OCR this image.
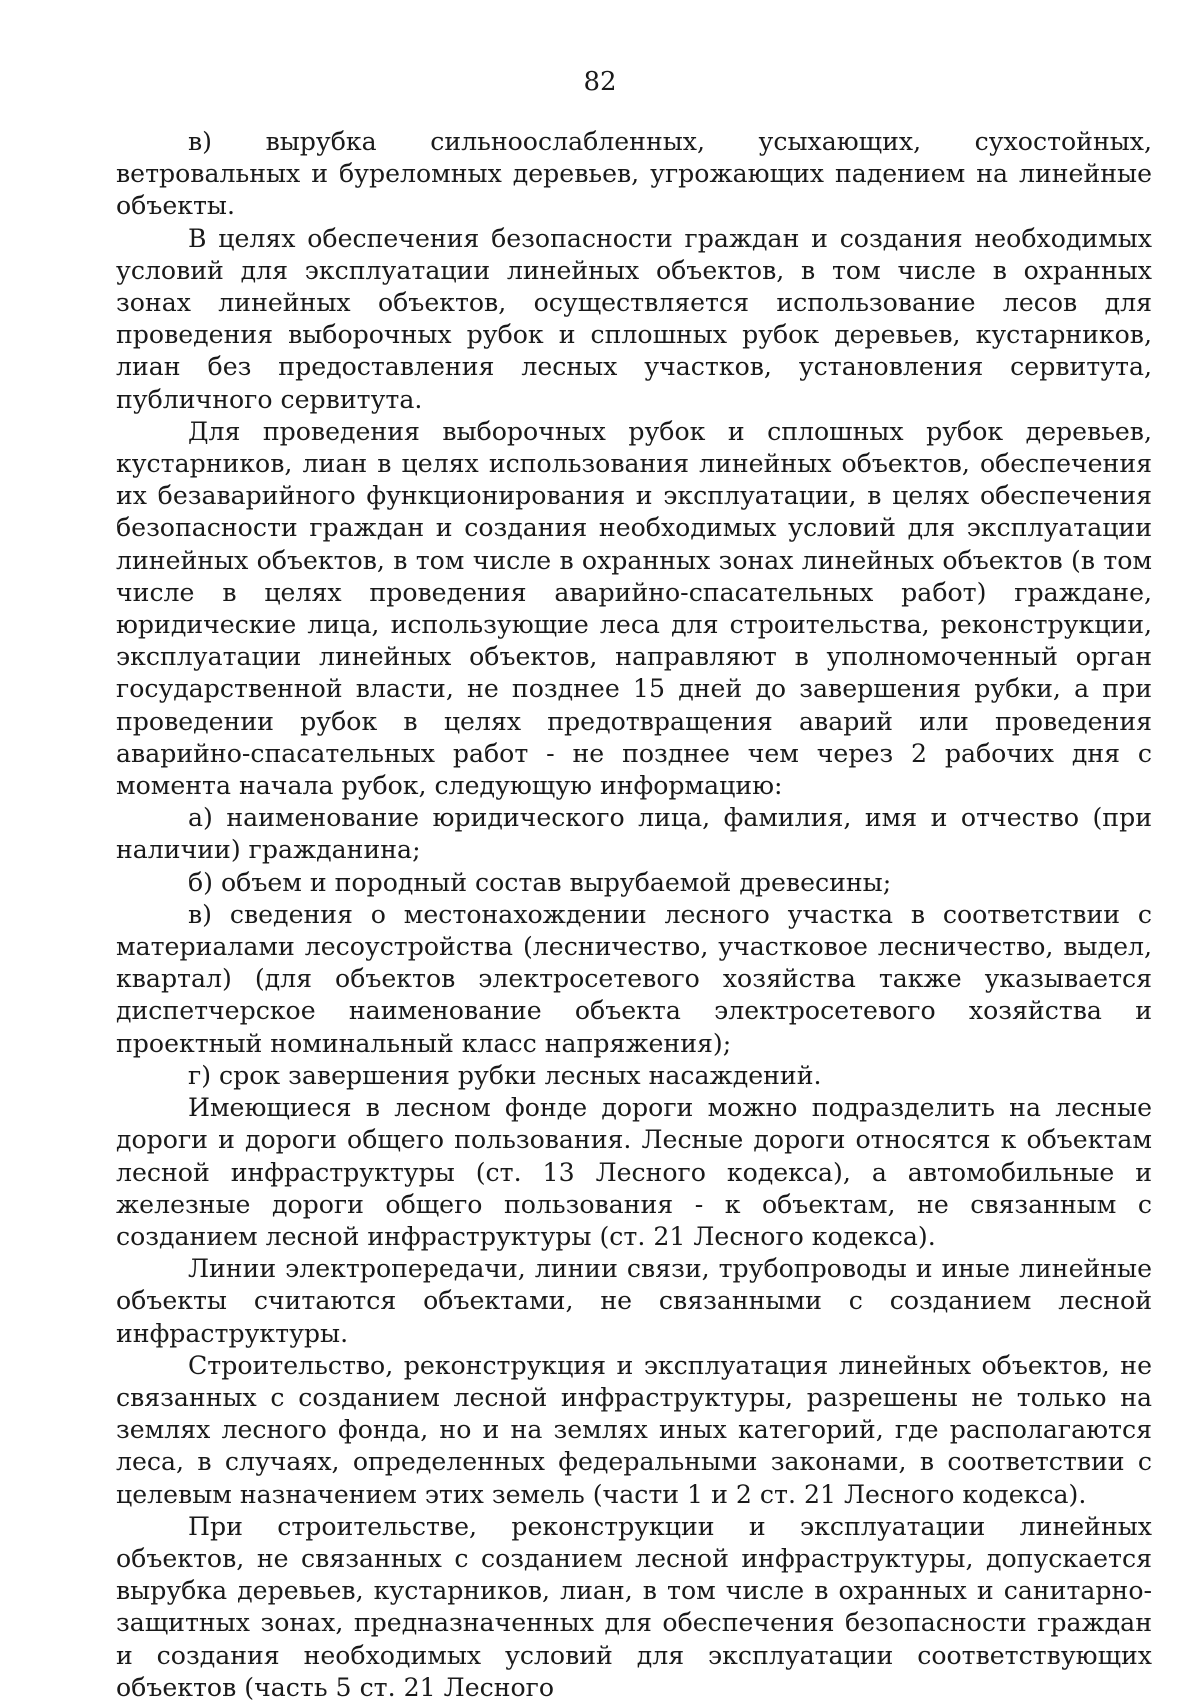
82

в) вырубка сильноослабленных, усыхающих, сухостойных, ветровальных и буреломных деревьев, угрожающих падением на линейные объекты.

В целях обеспечения безопасности граждан и создания необходимых условий для эксплуатации линейных объектов, в том числе в охранных зонах линейных объектов, осуществляется использование лесов для проведения выборочных рубок и сплошных рубок деревьев, кустарников, лиан без предоставления лесных участков, установления сервитута, публичного сервитута.

Для проведения выборочных рубок и сплошных рубок деревьев, кустарников, лиан в целях использования линейных объектов, обеспечения их безаварийного функционирования и эксплуатации, в целях обеспечения безопасности граждан и создания необходимых условий для эксплуатации линейных объектов, в том числе в охранных зонах линейных объектов (в том числе в целях проведения аварийно-спасательных работ) граждане, юридические лица, использующие леса для строительства, реконструкции, эксплуатации линейных объектов, направляют в уполномоченный орган государственной власти, не позднее 15 дней до завершения рубки, а при проведении рубок в целях предотвращения аварий или проведения аварийно-спасательных работ - не позднее чем через 2 рабочих дня с момента начала рубок, следующую информацию:

а) наименование юридического лица, фамилия, имя и отчество (при наличии) гражданина;

б) объем и породный состав вырубаемой древесины;

в) сведения о местонахождении лесного участка в соответствии с материалами лесоустройства (лесничество, участковое лесничество, выдел, квартал) (для объектов электросетевого хозяйства также указывается диспетчерское наименование объекта электросетевого хозяйства и проектный номинальный класс напряжения);

г) срок завершения рубки лесных насаждений.

Имеющиеся в лесном фонде дороги можно подразделить на лесные дороги и дороги общего пользования. Лесные дороги относятся к объектам лесной инфраструктуры (ст. 13 Лесного кодекса), а автомобильные и железные дороги общего пользования - к объектам, не связанным с созданием лесной инфраструктуры (ст. 21 Лесного кодекса).

Линии электропередачи, линии связи, трубопроводы и иные линейные объекты считаются объектами, не связанными с созданием лесной инфраструктуры.

Строительство, реконструкция и эксплуатация линейных объектов, не связанных с созданием лесной инфраструктуры, разрешены не только на землях лесного фонда, но и на землях иных категорий, где располагаются леса, в случаях, определенных федеральными законами, в соответствии с целевым назначением этих земель (части 1 и 2 ст. 21 Лесного кодекса).

При строительстве, реконструкции и эксплуатации линейных объектов, не связанных с созданием лесной инфраструктуры, допускается вырубка деревьев, кустарников, лиан, в том числе в охранных и санитарно-защитных зонах, предназначенных для обеспечения безопасности граждан и создания необходимых условий для эксплуатации соответствующих объектов (часть 5 ст. 21 Лесного
